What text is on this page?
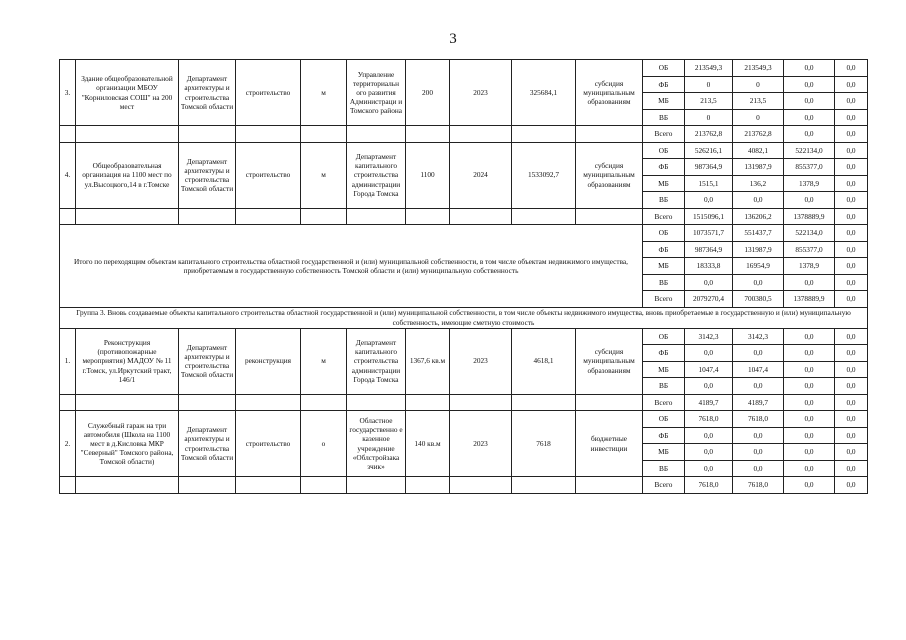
3
3.	Здание общеобразовательной организации МБОУ "Корниловская СОШ" на 200 мест	Департамент архитектуры и строительства Томской области	строительство	м	Управление территориальн ого развития Администраци и Томского района	200	2023	325684,1	субсидия муниципальным образованиям	ОБ	213549,3	213549,3	0,0	0,0
										ФБ	0	0	0,0	0,0
										МБ	213,5	213,5	0,0	0,0
										ВБ	0	0	0,0	0,0
										Всего	213762,8	213762,8	0,0	0,0
4.	Общеобразовательная организация на 1100 мест по ул.Высоцкого,14 в г.Томске	Департамент архитектуры и строительства Томской области	строительство	м	Департамент капитального строительства администрации Города Томска	1100	2024	1533092,7	субсидия муниципальным образованиям	ОБ	526216,1	4082,1	522134,0	0,0
										ФБ	987364,9	131987,9	855377,0	0,0
										МБ	1515,1	136,2	1378,9	0,0
										ВБ	0,0	0,0	0,0	0,0
										Всего	1515096,1	136206,2	1378889,9	0,0
Итого по переходящим объектам капитального строительства областной государственной и (или) муниципальной собственности, в том числе объектам недвижимого имущества, приобретаемым в государственную собственность Томской области и (или) муниципальную собственность										ОБ	1073571,7	551437,7	522134,0	0,0
										ФБ	987364,9	131987,9	855377,0	0,0
										МБ	18333,8	16954,9	1378,9	0,0
										ВБ	0,0	0,0	0,0	0,0
										Всего	2079270,4	700380,5	1378889,9	0,0
Группа 3. Вновь создаваемые объекты капитального строительства областной государственной и (или) муниципальной собственности, в том числе объекты недвижимого имущества, вновь приобретаемые в государственную и (или) муниципальную собственность, имеющие сметную стоимость														
1.	Реконструкция (противопожарные мероприятия) МАДОУ № 11 г.Томск, ул.Иркутский тракт, 146/1	Департамент архитектуры и строительства Томской области	реконструкция	м	Департамент капитального строительства администрации Города Томска	1367,6 кв.м	2023	4618,1	субсидия муниципальным образованиям	ОБ	3142,3	3142,3	0,0	0,0
										ФБ	0,0	0,0	0,0	0,0
										МБ	1047,4	1047,4	0,0	0,0
										ВБ	0,0	0,0	0,0	0,0
										Всего	4189,7	4189,7	0,0	0,0
2.	Служебный гараж на три автомобиля (Школа на 1100 мест в д.Кисловка МКР "Северный" Томского района, Томской области)	Департамент архитектуры и строительства Томской области	строительство	о	Областное государственно е казенное учреждение «Облстройзака зчик»	140 кв.м	2023	7618	бюджетные инвестиции	ОБ	7618,0	7618,0	0,0	0,0
										ФБ	0,0	0,0	0,0	0,0
										МБ	0,0	0,0	0,0	0,0
										ВБ	0,0	0,0	0,0	0,0
										Всего	7618,0	7618,0	0,0	0,0
